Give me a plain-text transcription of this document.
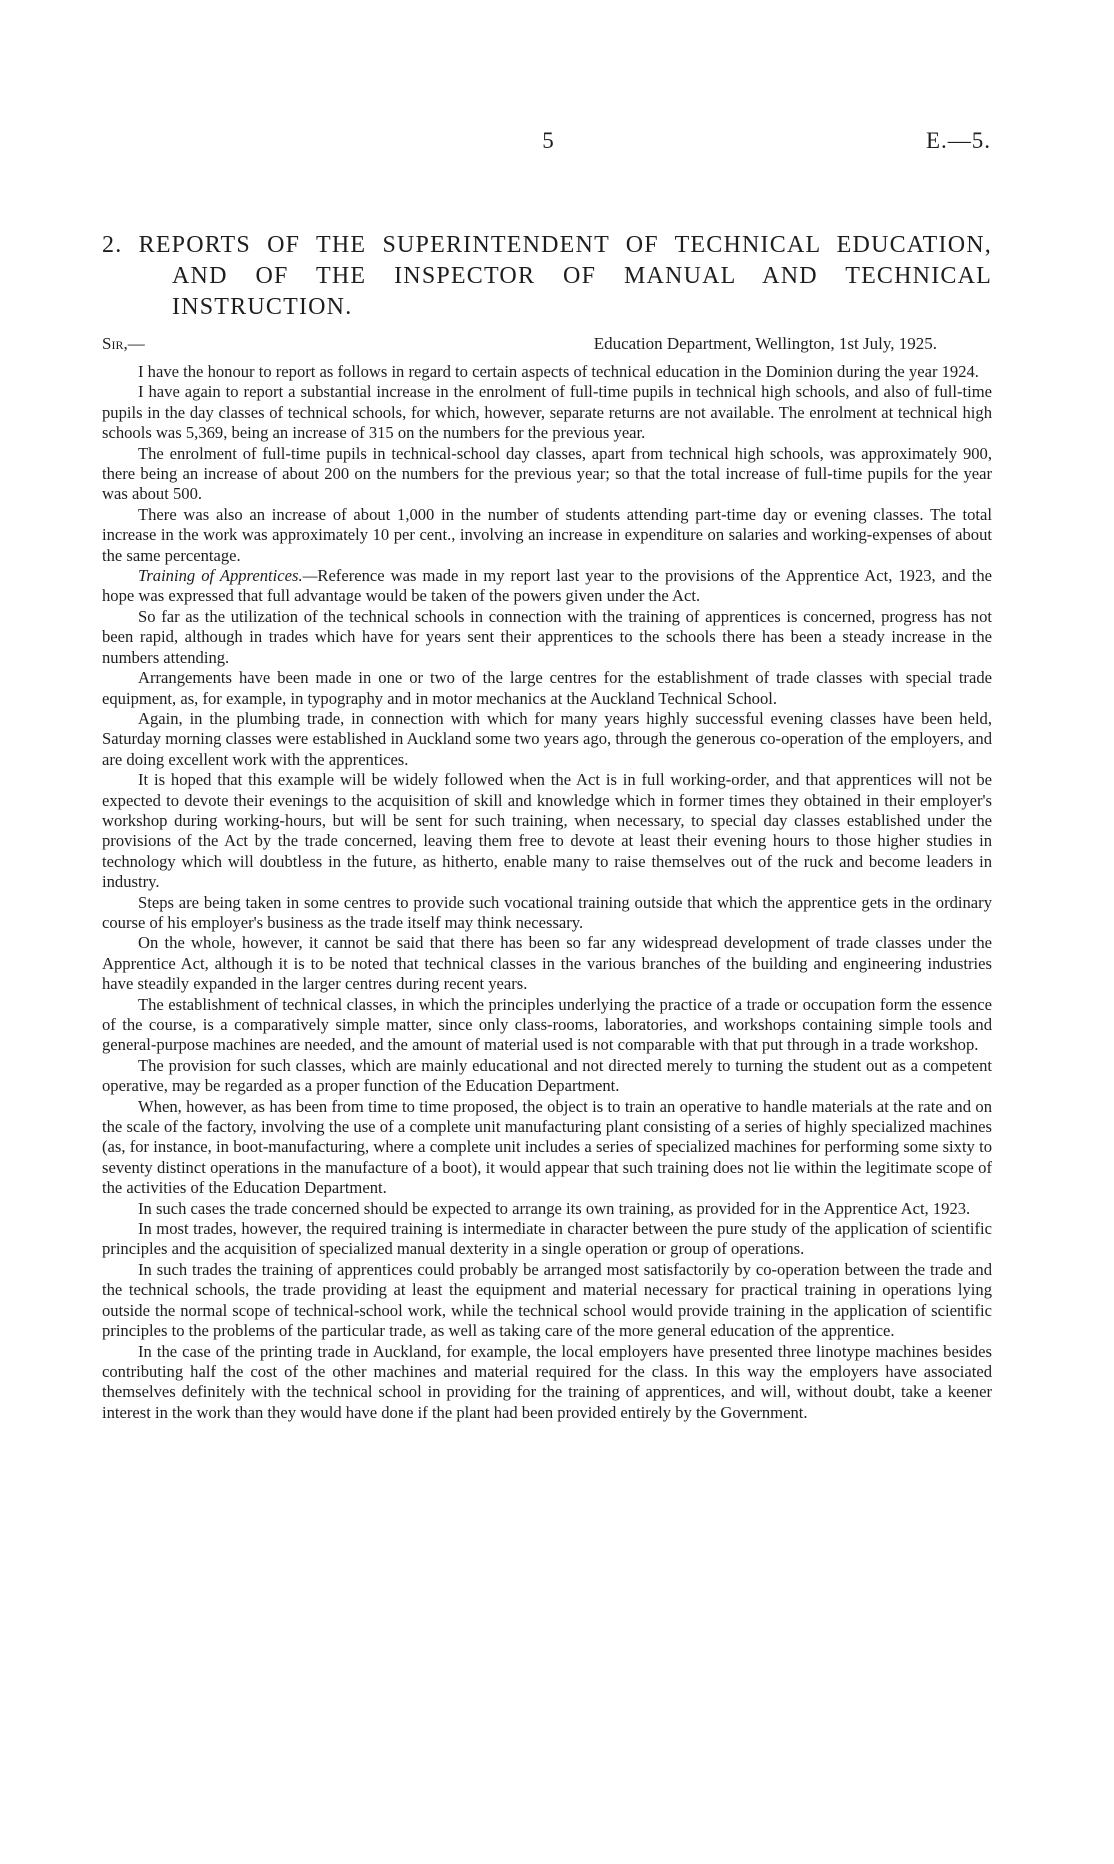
5	E.—5.
2. REPORTS OF THE SUPERINTENDENT OF TECHNICAL EDUCATION,
AND OF THE INSPECTOR OF MANUAL AND TECHNICAL
INSTRUCTION.
Sir,—	Education Department, Wellington, 1st July, 1925.

I have the honour to report as follows in regard to certain aspects of technical education in the Dominion during the year 1924.

I have again to report a substantial increase in the enrolment of full-time pupils in technical high schools, and also of full-time pupils in the day classes of technical schools, for which, however, separate returns are not available. The enrolment at technical high schools was 5,369, being an increase of 315 on the numbers for the previous year.

The enrolment of full-time pupils in technical-school day classes, apart from technical high schools, was approximately 900, there being an increase of about 200 on the numbers for the previous year; so that the total increase of full-time pupils for the year was about 500.

There was also an increase of about 1,000 in the number of students attending part-time day or evening classes. The total increase in the work was approximately 10 per cent., involving an increase in expenditure on salaries and working-expenses of about the same percentage.

Training of Apprentices.—Reference was made in my report last year to the provisions of the Apprentice Act, 1923, and the hope was expressed that full advantage would be taken of the powers given under the Act.

So far as the utilization of the technical schools in connection with the training of apprentices is concerned, progress has not been rapid, although in trades which have for years sent their apprentices to the schools there has been a steady increase in the numbers attending.

Arrangements have been made in one or two of the large centres for the establishment of trade classes with special trade equipment, as, for example, in typography and in motor mechanics at the Auckland Technical School.

Again, in the plumbing trade, in connection with which for many years highly successful evening classes have been held, Saturday morning classes were established in Auckland some two years ago, through the generous co-operation of the employers, and are doing excellent work with the apprentices.

It is hoped that this example will be widely followed when the Act is in full working-order, and that apprentices will not be expected to devote their evenings to the acquisition of skill and knowledge which in former times they obtained in their employer's workshop during working-hours, but will be sent for such training, when necessary, to special day classes established under the provisions of the Act by the trade concerned, leaving them free to devote at least their evening hours to those higher studies in technology which will doubtless in the future, as hitherto, enable many to raise themselves out of the ruck and become leaders in industry.

Steps are being taken in some centres to provide such vocational training outside that which the apprentice gets in the ordinary course of his employer's business as the trade itself may think necessary.

On the whole, however, it cannot be said that there has been so far any widespread development of trade classes under the Apprentice Act, although it is to be noted that technical classes in the various branches of the building and engineering industries have steadily expanded in the larger centres during recent years.

The establishment of technical classes, in which the principles underlying the practice of a trade or occupation form the essence of the course, is a comparatively simple matter, since only class-rooms, laboratories, and workshops containing simple tools and general-purpose machines are needed, and the amount of material used is not comparable with that put through in a trade workshop.

The provision for such classes, which are mainly educational and not directed merely to turning the student out as a competent operative, may be regarded as a proper function of the Education Department.

When, however, as has been from time to time proposed, the object is to train an operative to handle materials at the rate and on the scale of the factory, involving the use of a complete unit manufacturing plant consisting of a series of highly specialized machines (as, for instance, in boot-manufacturing, where a complete unit includes a series of specialized machines for performing some sixty to seventy distinct operations in the manufacture of a boot), it would appear that such training does not lie within the legitimate scope of the activities of the Education Department.

In such cases the trade concerned should be expected to arrange its own training, as provided for in the Apprentice Act, 1923.

In most trades, however, the required training is intermediate in character between the pure study of the application of scientific principles and the acquisition of specialized manual dexterity in a single operation or group of operations.

In such trades the training of apprentices could probably be arranged most satisfactorily by co-operation between the trade and the technical schools, the trade providing at least the equipment and material necessary for practical training in operations lying outside the normal scope of technical-school work, while the technical school would provide training in the application of scientific principles to the problems of the particular trade, as well as taking care of the more general education of the apprentice.

In the case of the printing trade in Auckland, for example, the local employers have presented three linotype machines besides contributing half the cost of the other machines and material required for the class. In this way the employers have associated themselves definitely with the technical school in providing for the training of apprentices, and will, without doubt, take a keener interest in the work than they would have done if the plant had been provided entirely by the Government.
